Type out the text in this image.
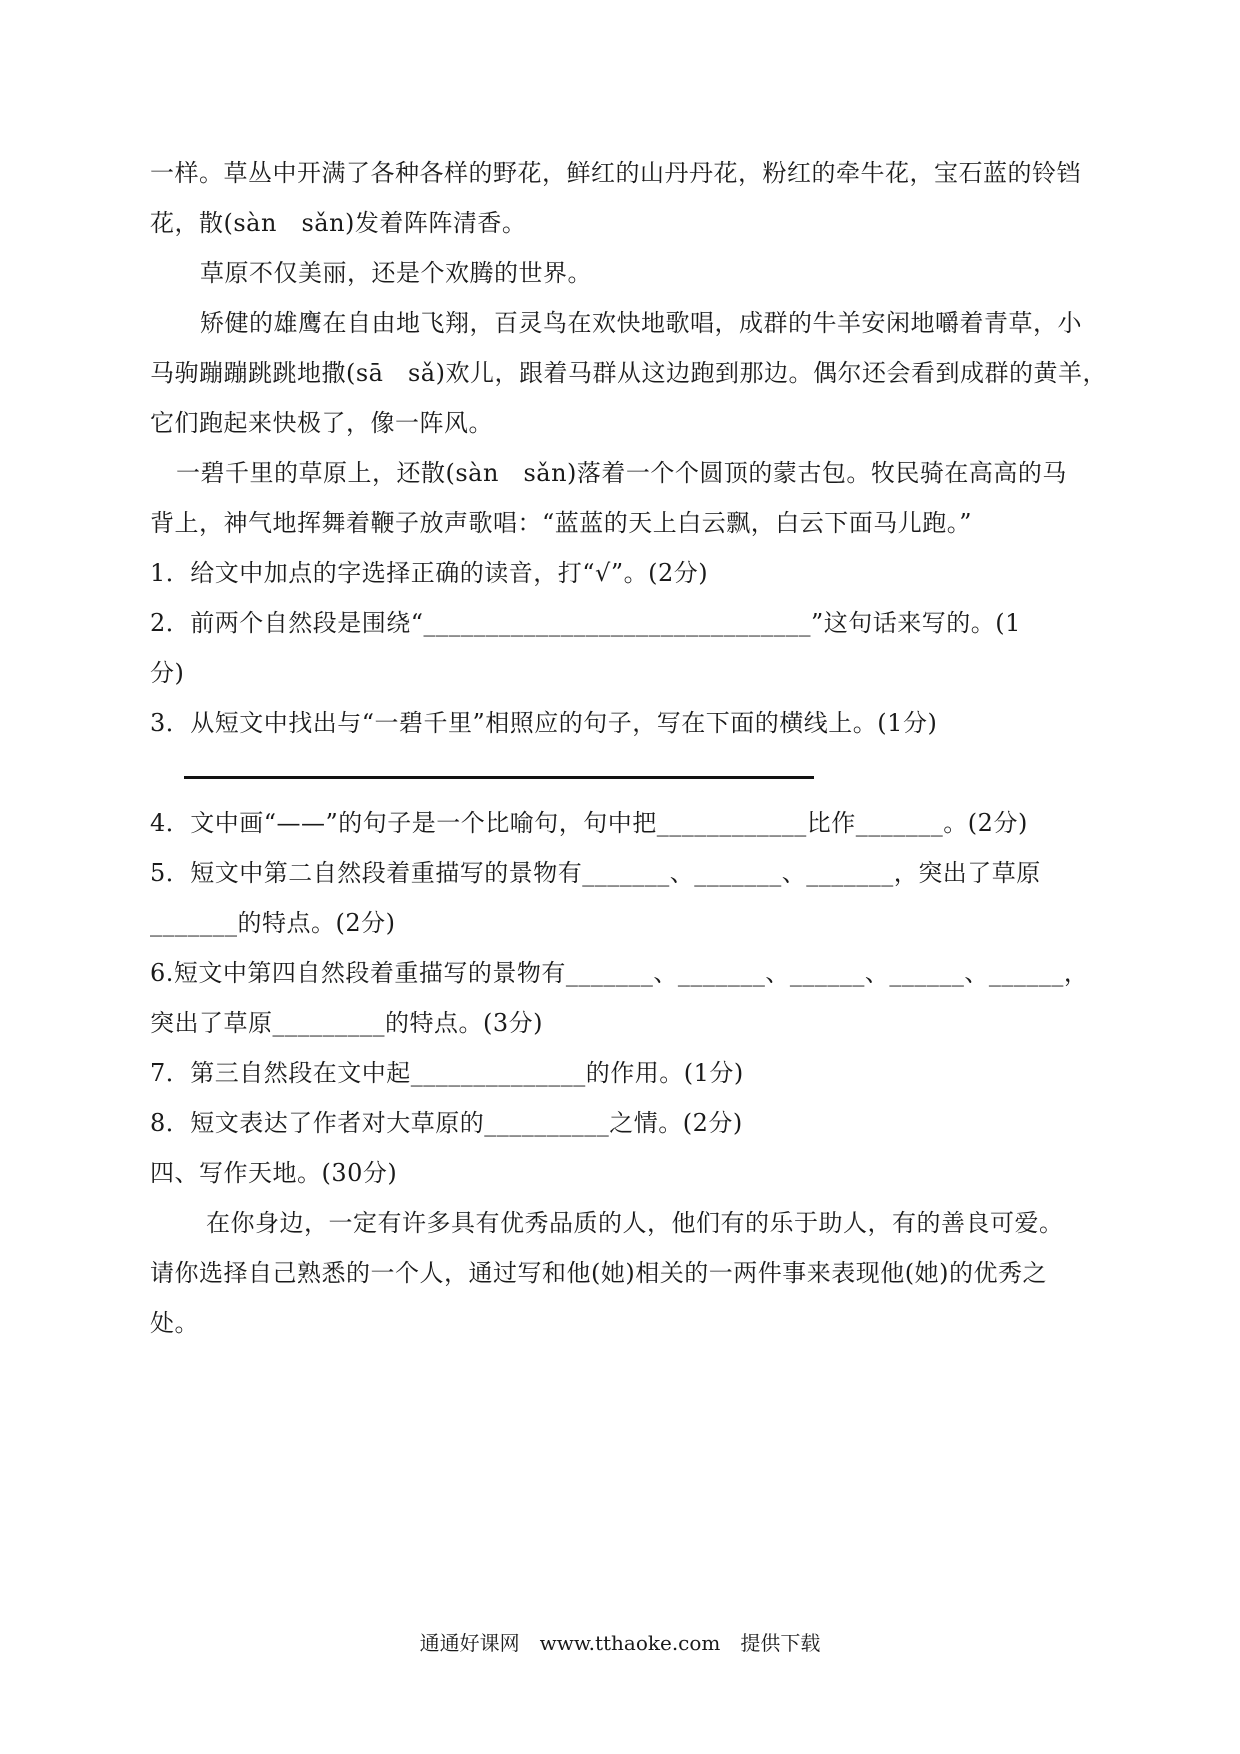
一样。草丛中开满了各种各样的野花，鲜红的山丹丹花，粉红的牵牛花，宝石蓝的铃铛
花，散(sàn　sǎn)发着阵阵清香。
草原不仅美丽，还是个欢腾的世界。
矫健的雄鹰在自由地飞翔，百灵鸟在欢快地歌唱，成群的牛羊安闲地嚼着青草，小
马驹蹦蹦跳跳地撒(sā　sǎ)欢儿，跟着马群从这边跑到那边。偶尔还会看到成群的黄羊，
它们跑起来快极了，像一阵风。
一碧千里的草原上，还散(sàn　sǎn)落着一个个圆顶的蒙古包。牧民骑在高高的马
背上，神气地挥舞着鞭子放声歌唱：“蓝蓝的天上白云飘，白云下面马儿跑。”
1．给文中加点的字选择正确的读音，打“√”。(2分)
2．前两个自然段是围绕“_______________________________”这句话来写的。(1
分)
3．从短文中找出与“一碧千里”相照应的句子，写在下面的横线上。(1分)
4．文中画“——”的句子是一个比喻句，句中把____________比作_______。(2分)
5．短文中第二自然段着重描写的景物有_______、_______、_______，突出了草原
_______的特点。(2分)
6.短文中第四自然段着重描写的景物有_______、_______、______、______、______，
突出了草原_________的特点。(3分)
7．第三自然段在文中起______________的作用。(1分)
8．短文表达了作者对大草原的__________之情。(2分)
四、写作天地。(30分)
在你身边，一定有许多具有优秀品质的人，他们有的乐于助人，有的善良可爱。
请你选择自己熟悉的一个人，通过写和他(她)相关的一两件事来表现他(她)的优秀之
处。
通通好课网　www.tthaoke.com　提供下载
